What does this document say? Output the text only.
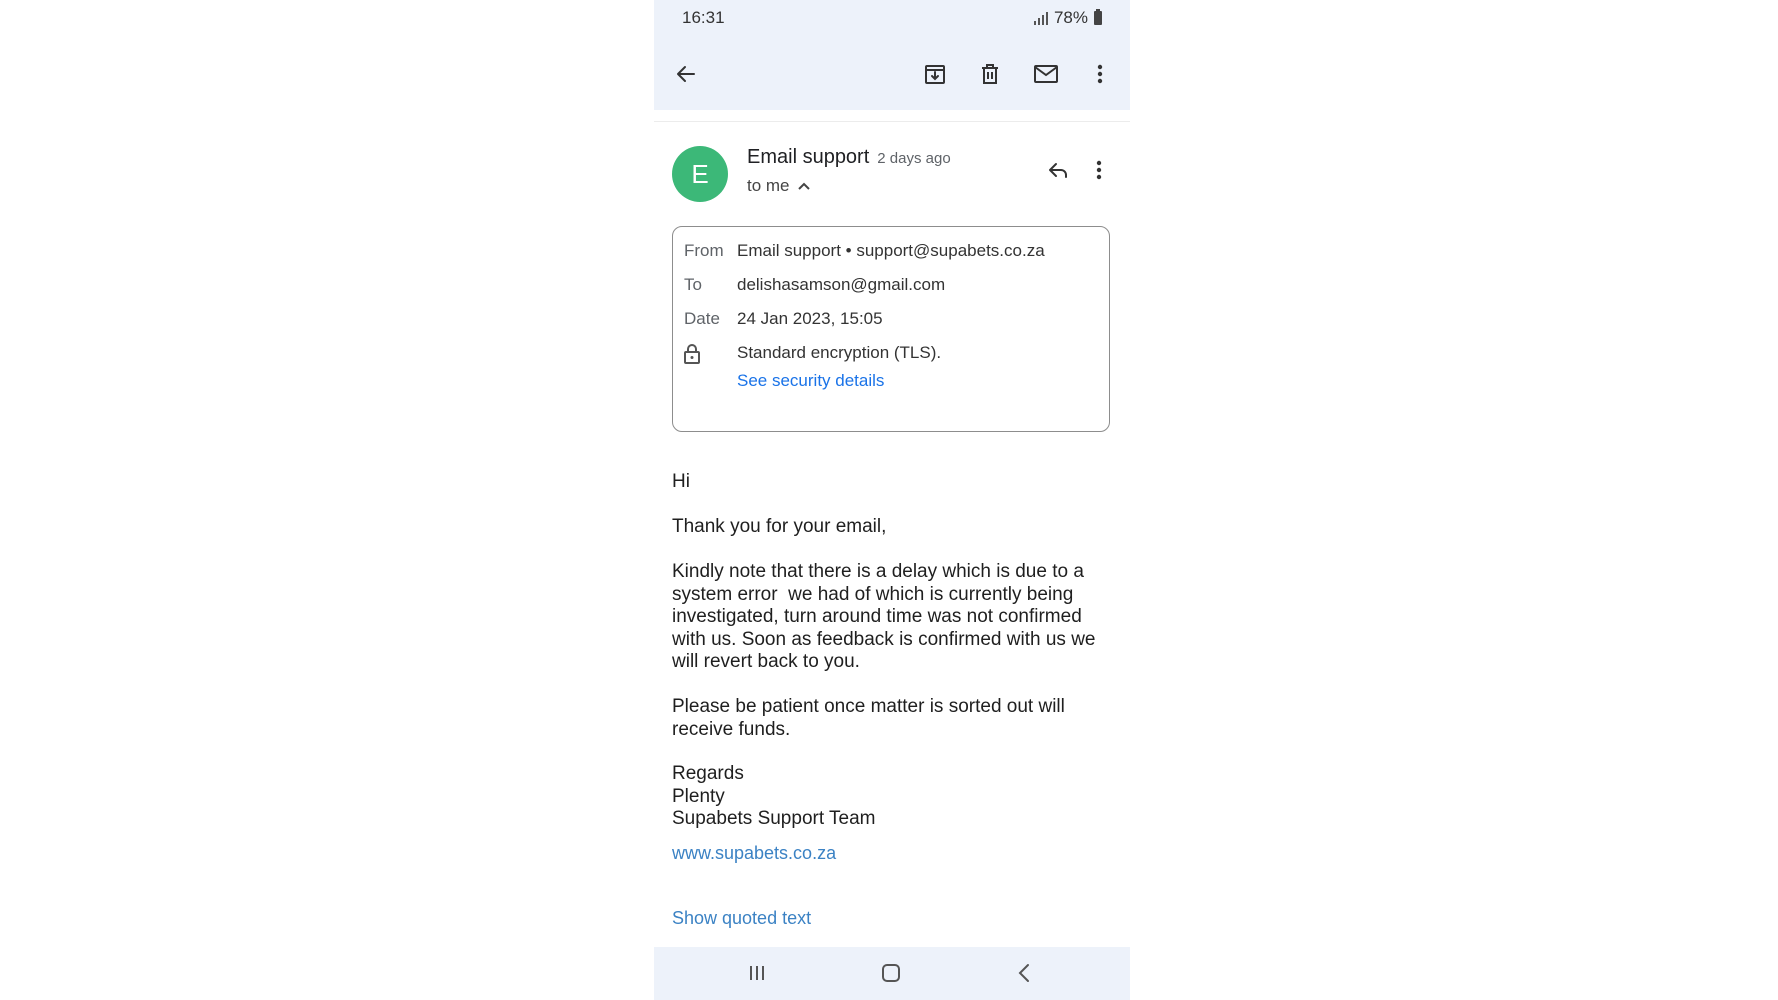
16:31	78%
E
Email support 2 days ago
to me
From Email support • support@supabets.co.za
To delishasamson@gmail.com
Date 24 Jan 2023, 15:05
Standard encryption (TLS).
See security details
Hi
Thank you for your email,
Kindly note that there is a delay which is due to a
system error  we had of which is currently being
investigated, turn around time was not confirmed
with us. Soon as feedback is confirmed with us we
will revert back to you.
Please be patient once matter is sorted out will
receive funds.
Regards
Plenty
Supabets Support Team
www.supabets.co.za
Show quoted text
